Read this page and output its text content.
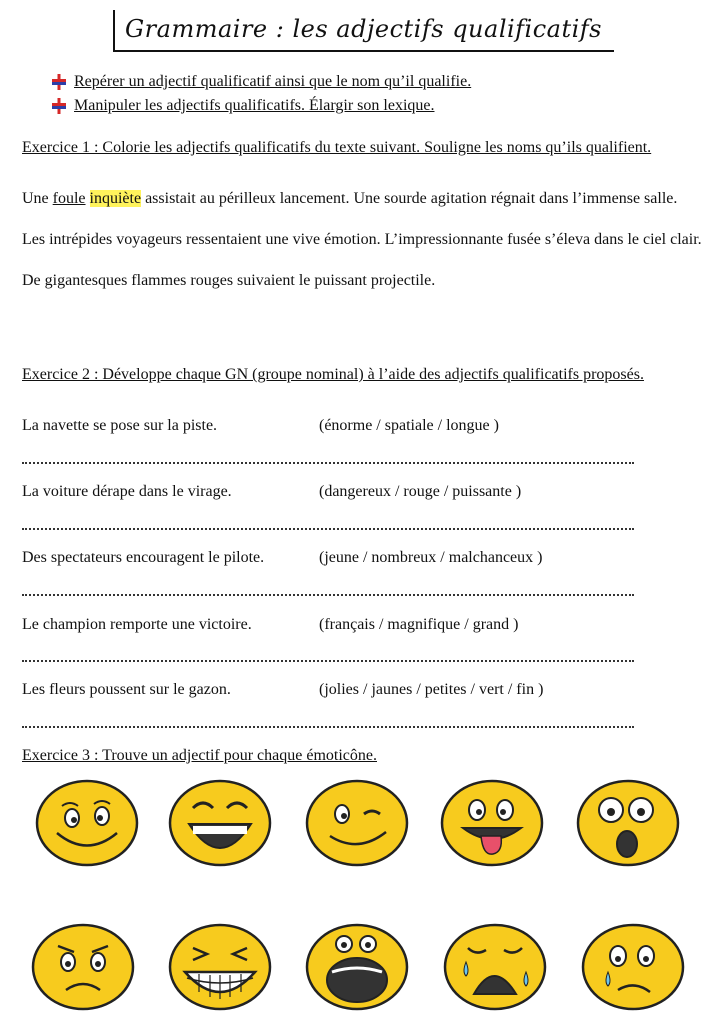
Grammaire : les adjectifs qualificatifs
Repérer un adjectif qualificatif ainsi que le nom qu’il qualifie.
Manipuler les adjectifs qualificatifs. Élargir son lexique.
Exercice 1 : Colorie les adjectifs qualificatifs du texte suivant. Souligne les noms qu’ils qualifient.
Une foule inquiète assistait au périlleux lancement. Une sourde agitation régnait dans l’immense salle. Les intrépides voyageurs ressentaient une vive émotion. L’impressionnante fusée s’éleva dans le ciel clair. De gigantesques flammes rouges suivaient le puissant projectile.
Exercice 2 : Développe chaque GN (groupe nominal) à l’aide des adjectifs qualificatifs proposés.
La navette se pose sur la piste.	(énorme / spatiale / longue )
La voiture dérape dans le virage.	(dangereux / rouge / puissante )
Des spectateurs encouragent le pilote.	(jeune / nombreux / malchanceux )
Le champion remporte une victoire.	(français / magnifique / grand )
Les fleurs poussent sur le gazon.	(jolies / jaunes / petites / vert / fin )
Exercice 3 : Trouve un adjectif pour chaque émoticône.
